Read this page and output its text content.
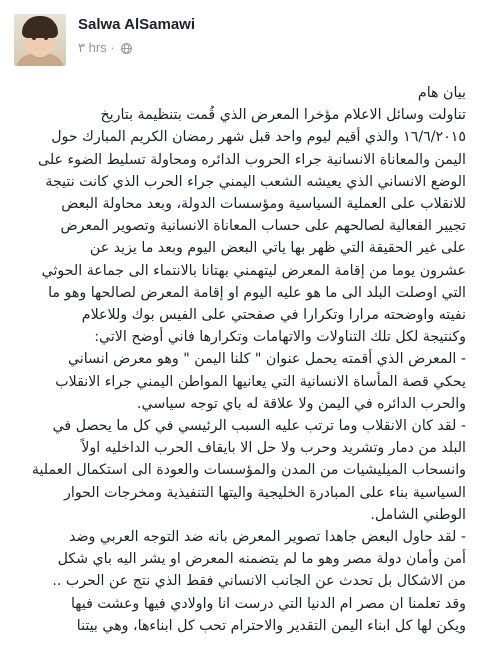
Salwa AlSamawi
٣ hrs ·

بيان هام

تناولت وسائل الاعلام مؤخرا المعرض الذي قُمت بتنظيمة بتاريخ

١٦/٦/٢٠١٥ والذي أقيم ليوم واحد قبل شهر رمضان الكريم المبارك حول

اليمن والمعاناة الانسانية جراء الحروب الدائره ومحاولة تسليط الضوء على

الوضع الانساني الذي يعيشه الشعب اليمني جراء الحرب الذي كانت نتيجة

للانقلاب على العملية السياسية ومؤسسات الدولة، وبعد محاولة البعض

تجيير الفعالية لصالحهم على حساب المعاناة الانسانية وتصوير المعرض

على غير الحقيقة التي ظهر بها ياتي البعض اليوم وبعد ما يزيد عن

عشرون يوما من إقامة المعرض ليتهمني بهتانا بالانتماء الى جماعة الحوثي

التي اوصلت البلد الى ما هو عليه اليوم او إقامة المعرض لصالحها وهو ما

نفيته واوضحته مرارا وتكرارا في صفحتي على الفيس بوك وللاعلام

وكنتيجة لكل تلك التناولات والاتهامات وتكرارها فاني أوضح الاتي:

- المعرض الذي أقمته يحمل عنوان " كلنا اليمن " وهو معرض انساني

يحكي قصة المأساة الانسانية التي يعانيها المواطن اليمني جراء الانقلاب

والحرب الدائره في اليمن ولا علاقة له باي توجه سياسي.

- لقد كان الانقلاب وما ترتب عليه السبب الرئيسي في كل ما يحصل في

البلد من دمار وتشريد وحرب ولا حل الا بايقاف الحرب الداخليه اولاً

وانسحاب الميليشيات من المدن والمؤسسات والعودة الى استكمال العملية

السياسية بناء على المبادرة الخليجية واليتها التنفيذية ومخرجات الحوار

الوطني الشامل.

- لقد حاول البعض جاهدا تصوير المعرض بانه ضد التوجه العربي وضد

أمن وأمان دولة مصر وهو ما لم يتضمنه المعرض او يشر اليه باي شكل

من الاشكال بل تحدث عن الجانب الانساني فقط الذي نتج عن الحرب ..

وقد تعلمنا ان مصر ام الدنيا التي درست انا واولادي فيها وعشت فيها

ويكن لها كل ابناء اليمن التقدير والاحترام تحب كل ابناءها، وهي بيتنا
